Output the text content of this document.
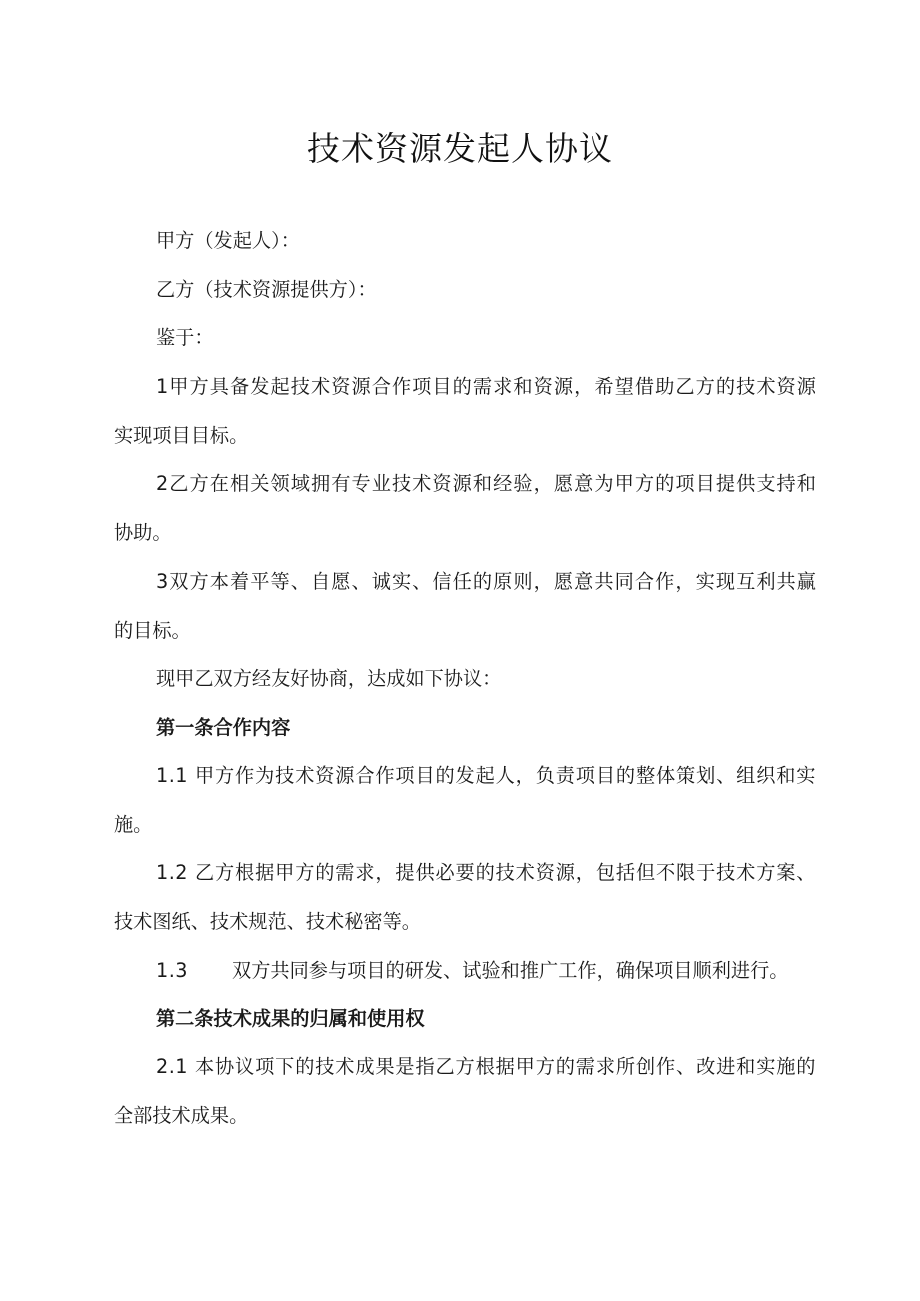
技术资源发起人协议
甲方（发起人）：
乙方（技术资源提供方）：
鉴于：
1甲方具备发起技术资源合作项目的需求和资源，希望借助乙方的技术资源
实现项目目标。
2乙方在相关领域拥有专业技术资源和经验，愿意为甲方的项目提供支持和
协助。
3双方本着平等、自愿、诚实、信任的原则，愿意共同合作，实现互利共赢
的目标。
现甲乙双方经友好协商，达成如下协议：
第一条合作内容
1.1 甲方作为技术资源合作项目的发起人，负责项目的整体策划、组织和实
施。
1.2 乙方根据甲方的需求，提供必要的技术资源，包括但不限于技术方案、
技术图纸、技术规范、技术秘密等。
1.3 双方共同参与项目的研发、试验和推广工作，确保项目顺利进行。
第二条技术成果的归属和使用权
2.1 本协议项下的技术成果是指乙方根据甲方的需求所创作、改进和实施的
全部技术成果。
